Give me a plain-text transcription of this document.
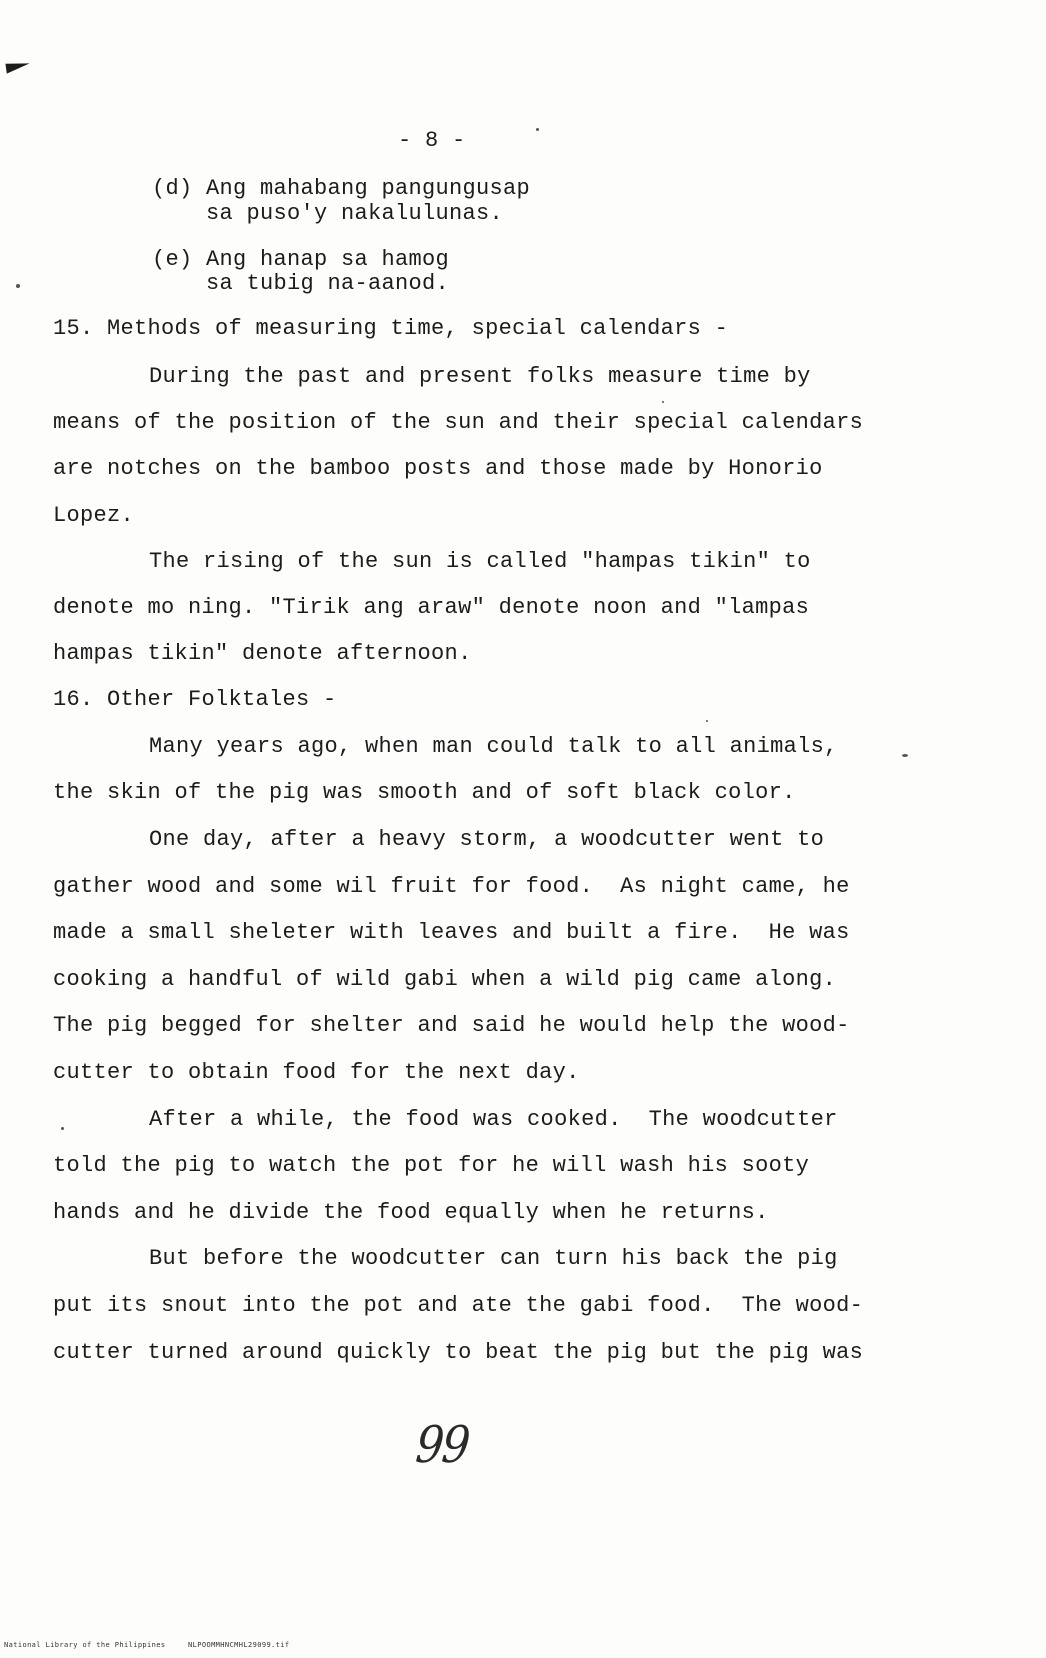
- 8 -
(d) Ang mahabang pangungusap
sa puso'y nakalulunas.
(e) Ang hanap sa hamog
sa tubig na-aanod.
15. Methods of measuring time, special calendars -
During the past and present folks measure time by
means of the position of the sun and their special calendars
are notches on the bamboo posts and those made by Honorio
Lopez.
The rising of the sun is called "hampas tikin" to
denote mo ning. "Tirik ang araw" denote noon and "lampas
hampas tikin" denote afternoon.
16. Other Folktales -
Many years ago, when man could talk to all animals,
the skin of the pig was smooth and of soft black color.
One day, after a heavy storm, a woodcutter went to
gather wood and some wil fruit for food.  As night came, he
made a small sheleter with leaves and built a fire.  He was
cooking a handful of wild gabi when a wild pig came along.
The pig begged for shelter and said he would help the wood-
cutter to obtain food for the next day.
After a while, the food was cooked.  The woodcutter
told the pig to watch the pot for he will wash his sooty
hands and he divide the food equally when he returns.
But before the woodcutter can turn his back the pig
put its snout into the pot and ate the gabi food.  The wood-
cutter turned around quickly to beat the pig but the pig was
99
National Library of the Philippines	NLPOOMMHNCMHL29099.tif
